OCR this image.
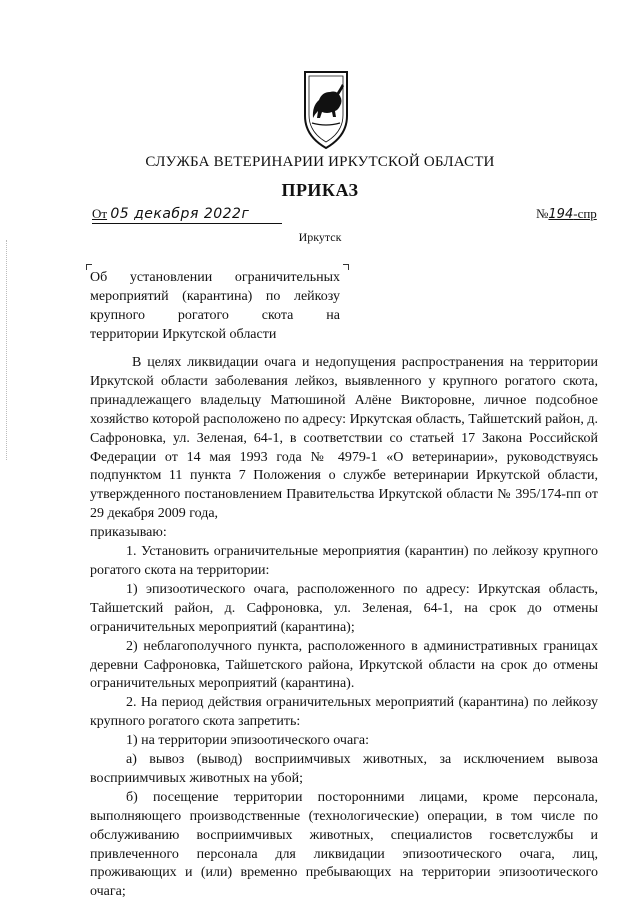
СЛУЖБА ВЕТЕРИНАРИИ ИРКУТСКОЙ ОБЛАСТИ
ПРИКАЗ
От 05 декабря 2022г	№194-спр
Иркутск
Об установлении ограничительных
мероприятий (карантина) по лейкозу
крупного рогатого скота на
территории Иркутской области

В целях ликвидации очага и недопущения распространения на территории Иркутской области заболевания лейкоз, выявленного у крупного рогатого скота, принадлежащего владельцу Матюшиной Алёне Викторовне, личное подсобное хозяйство которой расположено по адресу: Иркутская область, Тайшетский район, д. Сафроновка, ул. Зеленая, 64-1, в соответствии со статьей 17 Закона Российской Федерации от 14 мая 1993 года № 4979-1 «О ветеринарии», руководствуясь подпунктом 11 пункта 7 Положения о службе ветеринарии Иркутской области, утвержденного постановлением Правительства Иркутской области № 395/174-пп от 29 декабря 2009 года,

приказываю:

1. Установить ограничительные мероприятия (карантин) по лейкозу крупного рогатого скота на территории:

1) эпизоотического очага, расположенного по адресу: Иркутская область, Тайшетский район, д. Сафроновка, ул. Зеленая, 64-1, на срок до отмены ограничительных мероприятий (карантина);

2) неблагополучного пункта, расположенного в административных границах деревни Сафроновка, Тайшетского района, Иркутской области на срок до отмены ограничительных мероприятий (карантина).

2. На период действия ограничительных мероприятий (карантина) по лейкозу крупного рогатого скота запретить:

1) на территории эпизоотического очага:

а) вывоз (вывод) восприимчивых животных, за исключением вывоза восприимчивых животных на убой;

б) посещение территории посторонними лицами, кроме персонала, выполняющего производственные (технологические) операции, в том числе по обслуживанию восприимчивых животных, специалистов госветслужбы и привлеченного персонала для ликвидации эпизоотического очага, лиц, проживающих и (или) временно пребывающих на территории эпизоотического очага;
